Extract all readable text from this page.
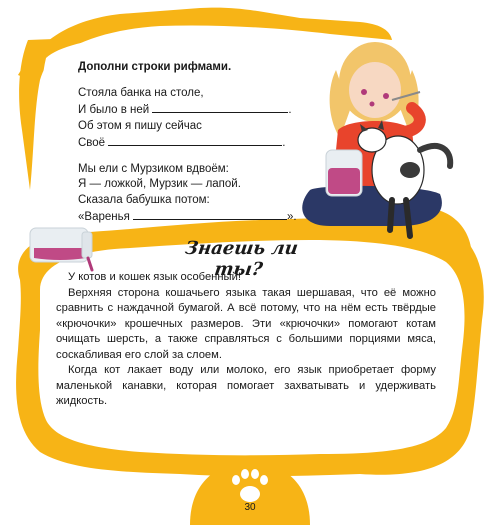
Дополни строки рифмами.
Стояла банка на столе,
И было в ней	.
Об этом я пишу сейчас
Своё	.
Мы ели с Мурзиком вдвоём:
Я — ложкой, Мурзик — лапой.
Сказала бабушка потом:
«Варенья	».
Знаешь ли ты?

У котов и кошек язык особенный!

Верхняя сторона кошачьего языка такая шершавая, что её можно сравнить с наждачной бумагой. А всё потому, что на нём есть твёрдые «крючочки» крошечных размеров. Эти «крючочки» помогают котам очищать шерсть, а также справляться с большими порциями мяса, соскабливая его слой за слоем.

Когда кот лакает воду или молоко, его язык приобретает форму маленькой канавки, которая помогает захватывать и удерживать жидкость.

30
